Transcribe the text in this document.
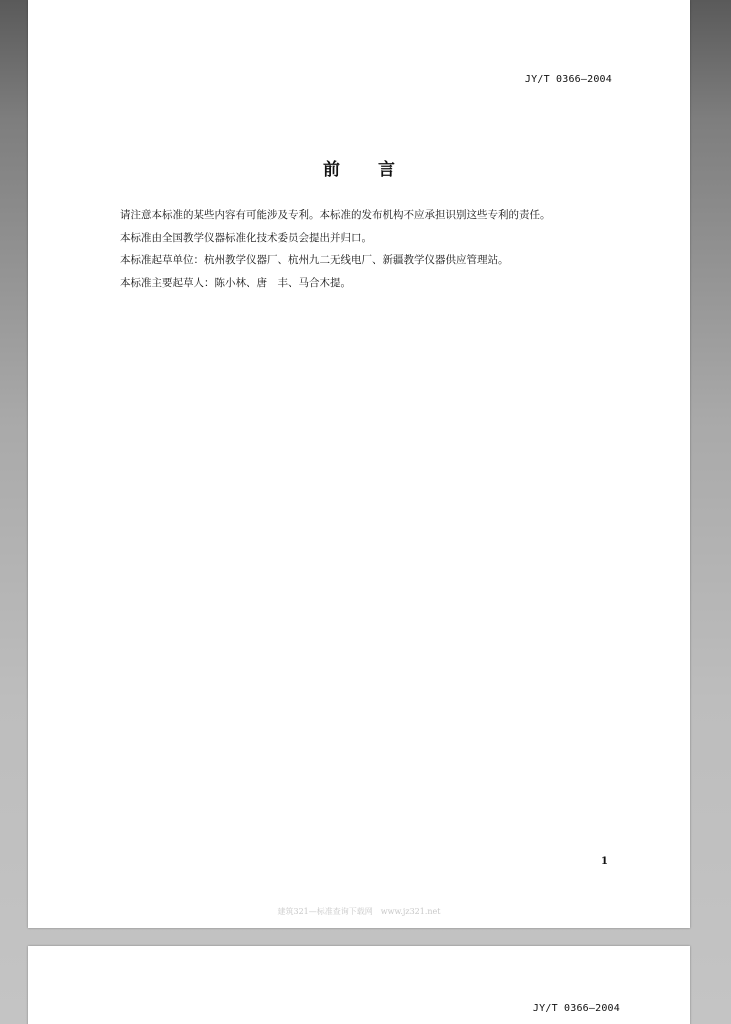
JY/T 0366—2004
前 言
请注意本标准的某些内容有可能涉及专利。本标准的发布机构不应承担识别这些专利的责任。
本标准由全国教学仪器标准化技术委员会提出并归口。
本标准起草单位：杭州教学仪器厂、杭州九二无线电厂、新疆教学仪器供应管理站。
本标准主要起草人：陈小林、唐　丰、马合木提。
1
建筑321—标准查询下载网　www.jz321.net
JY/T 0366—2004
